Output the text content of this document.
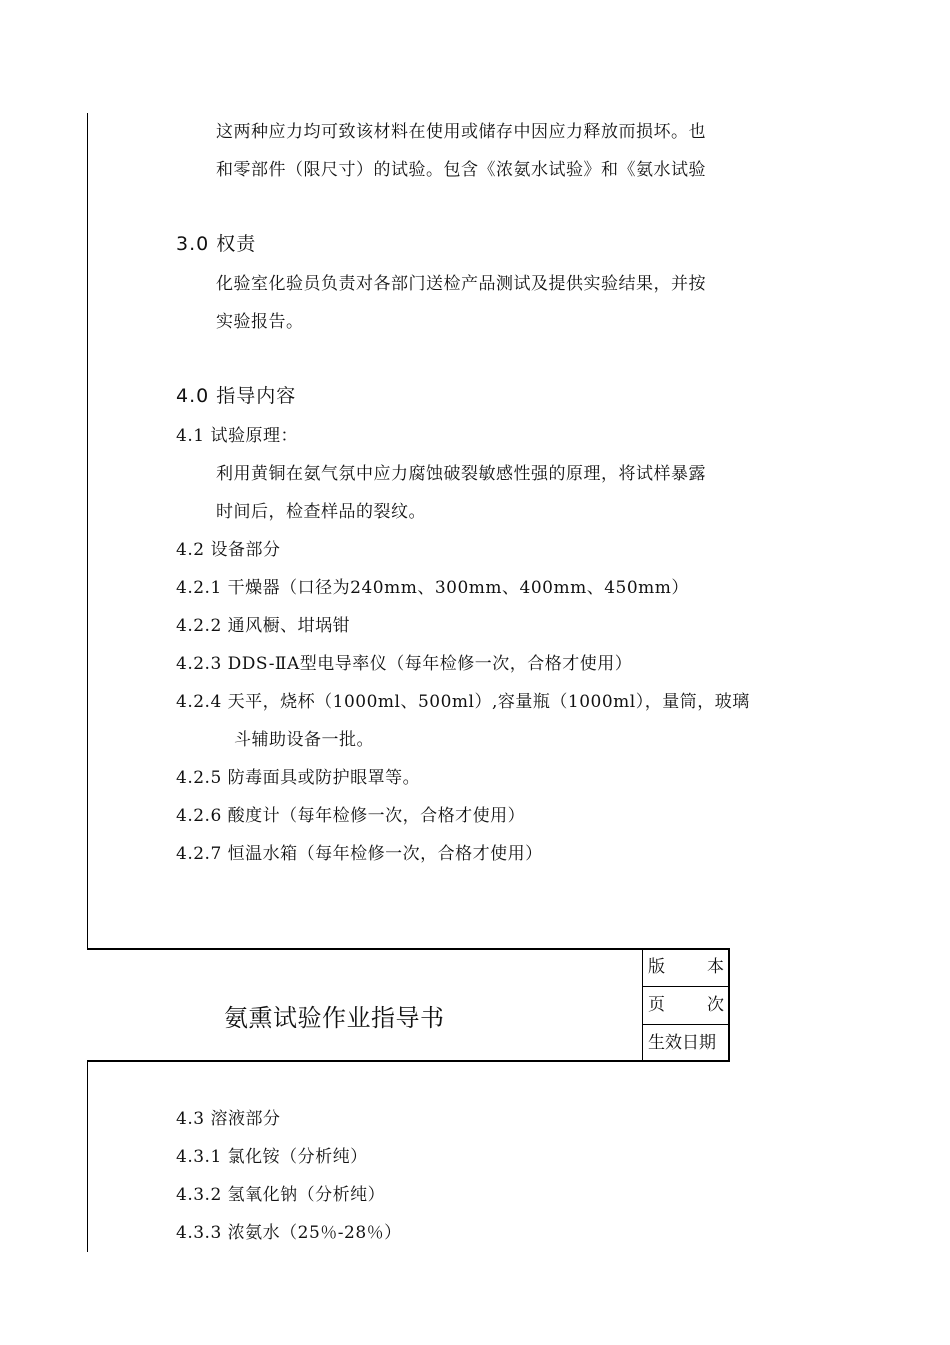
这两种应力均可致该材料在使用或储存中因应力释放而损坏。也
和零部件（限尺寸）的试验。包含《浓氨水试验》和《氨水试验
3.0 权责
化验室化验员负责对各部门送检产品测试及提供实验结果，并按
实验报告。
4.0 指导内容
4.1 试验原理：
利用黄铜在氨气氛中应力腐蚀破裂敏感性强的原理，将试样暴露
时间后，检查样品的裂纹。
4.2 设备部分
4.2.1 干燥器（口径为240mm、300mm、400mm、450mm）
4.2.2 通风橱、坩埚钳
4.2.3 DDS-ⅡA型电导率仪（每年检修一次，合格才使用）
4.2.4 天平，烧杯（1000ml、500ml）,容量瓶（1000ml），量筒，玻璃
斗辅助设备一批。
4.2.5 防毒面具或防护眼罩等。
4.2.6 酸度计（每年检修一次，合格才使用）
4.2.7 恒温水箱（每年检修一次，合格才使用）
氨熏试验作业指导书
版 本
页 次
生效日期
4.3 溶液部分
4.3.1 氯化铵（分析纯）
4.3.2 氢氧化钠（分析纯）
4.3.3 浓氨水（25％-28％）
